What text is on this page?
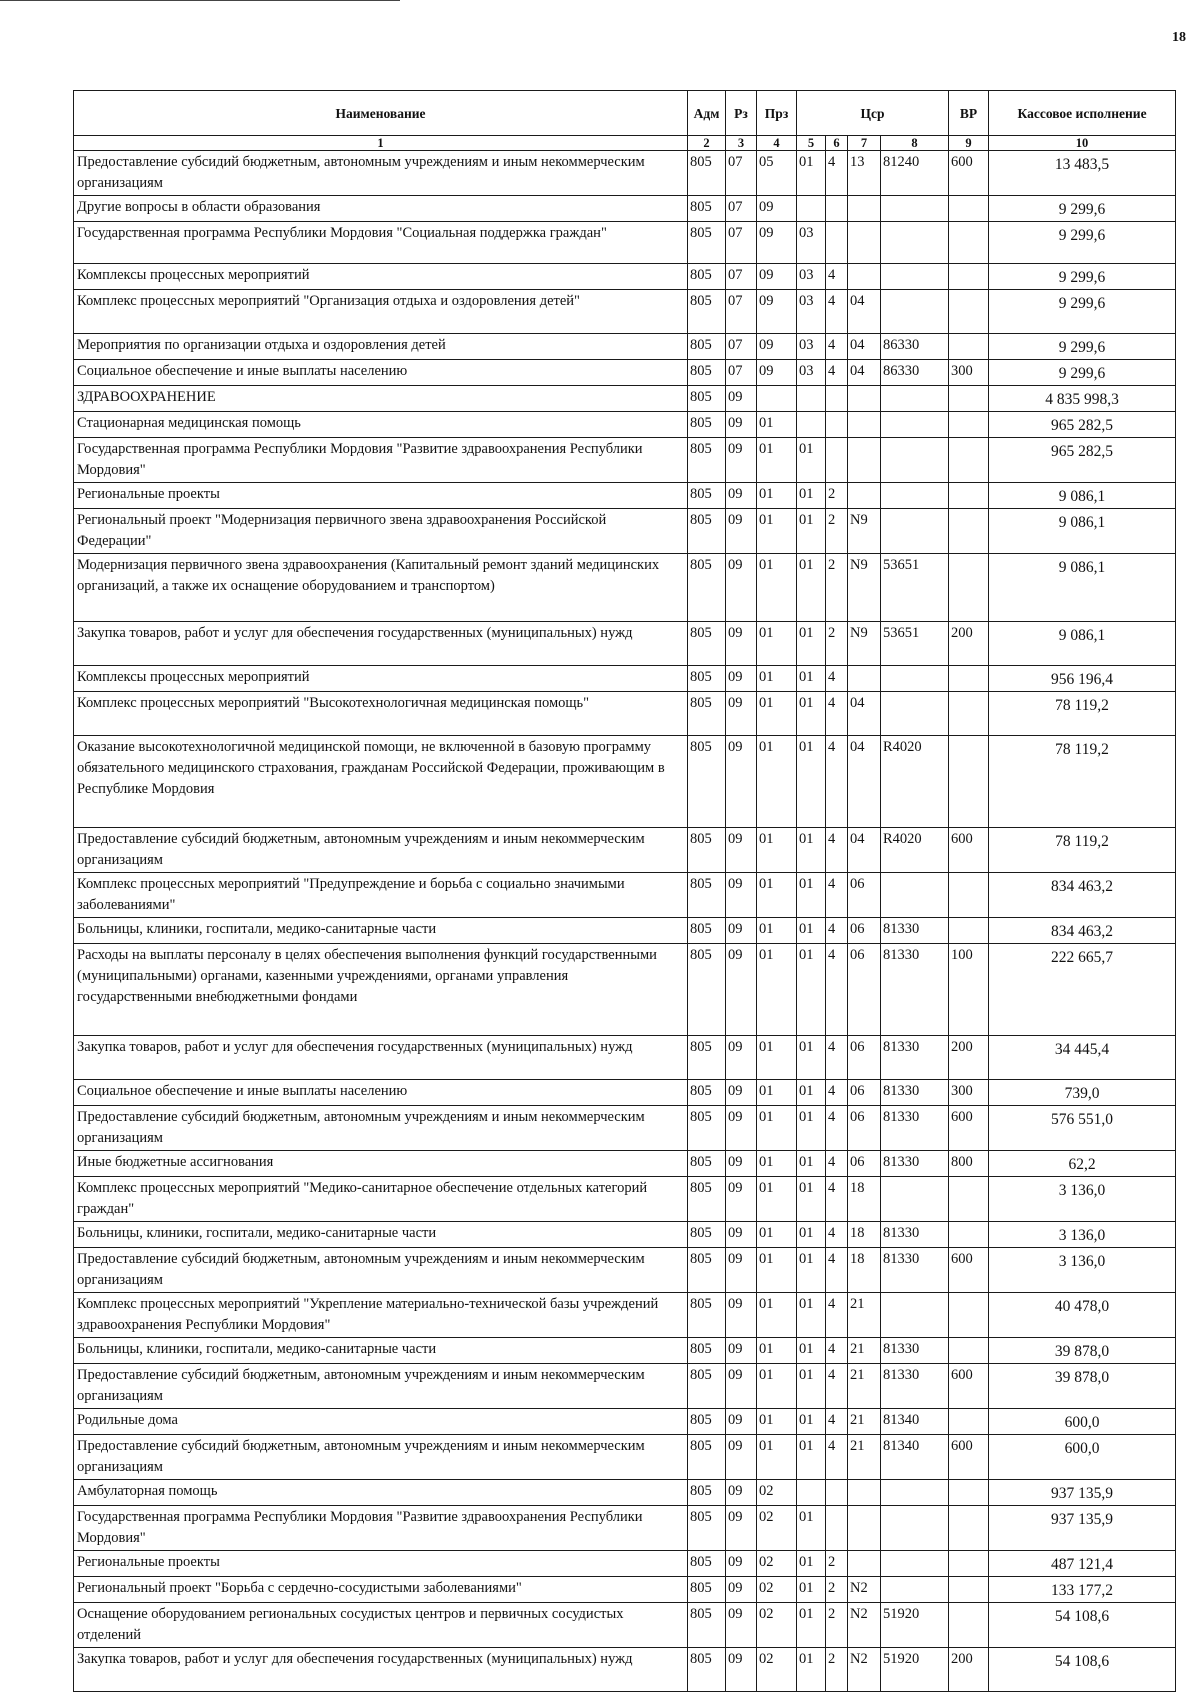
18
Наименование	Адм	Рз	Прз	Цср				ВР	Кассовое исполнение
1	2	3	4	5	6	7	8	9	10
Предоставление субсидий бюджетным, автономным учреждениям и иным некоммерческим организациям	805	07	05	01	4	13	81240	600	13 483,5
Другие вопросы в области образования	805	07	09						9 299,6
Государственная программа Республики Мордовия "Социальная поддержка граждан"	805	07	09	03					9 299,6
Комплексы процессных мероприятий	805	07	09	03	4				9 299,6
Комплекс процессных мероприятий "Организация отдыха и оздоровления детей"	805	07	09	03	4	04			9 299,6
Мероприятия по организации отдыха и оздоровления детей	805	07	09	03	4	04	86330		9 299,6
Социальное обеспечение и иные выплаты населению	805	07	09	03	4	04	86330	300	9 299,6
ЗДРАВООХРАНЕНИЕ	805	09							4 835 998,3
Стационарная медицинская помощь	805	09	01						965 282,5
Государственная программа Республики Мордовия "Развитие здравоохранения Республики Мордовия"	805	09	01	01					965 282,5
Региональные проекты	805	09	01	01	2				9 086,1
Региональный проект "Модернизация первичного звена здравоохранения Российской Федерации"	805	09	01	01	2	N9			9 086,1
Модернизация первичного звена здравоохранения (Капитальный ремонт зданий медицинских организаций, а также их оснащение оборудованием и транспортом)	805	09	01	01	2	N9	53651		9 086,1
Закупка товаров, работ и услуг для обеспечения государственных (муниципальных) нужд	805	09	01	01	2	N9	53651	200	9 086,1
Комплексы процессных мероприятий	805	09	01	01	4				956 196,4
Комплекс процессных мероприятий "Высокотехнологичная медицинская помощь"	805	09	01	01	4	04			78 119,2
Оказание высокотехнологичной медицинской помощи, не включенной в базовую программу обязательного медицинского страхования, гражданам Российской Федерации, проживающим в Республике Мордовия	805	09	01	01	4	04	R4020		78 119,2
Предоставление субсидий бюджетным, автономным учреждениям и иным некоммерческим организациям	805	09	01	01	4	04	R4020	600	78 119,2
Комплекс процессных мероприятий "Предупреждение и борьба с социально значимыми заболеваниями"	805	09	01	01	4	06			834 463,2
Больницы, клиники, госпитали, медико-санитарные части	805	09	01	01	4	06	81330		834 463,2
Расходы на выплаты персоналу в целях обеспечения выполнения функций государственными (муниципальными) органами, казенными учреждениями, органами управления государственными внебюджетными фондами	805	09	01	01	4	06	81330	100	222 665,7
Закупка товаров, работ и услуг для обеспечения государственных (муниципальных) нужд	805	09	01	01	4	06	81330	200	34 445,4
Социальное обеспечение и иные выплаты населению	805	09	01	01	4	06	81330	300	739,0
Предоставление субсидий бюджетным, автономным учреждениям и иным некоммерческим организациям	805	09	01	01	4	06	81330	600	576 551,0
Иные бюджетные ассигнования	805	09	01	01	4	06	81330	800	62,2
Комплекс процессных мероприятий "Медико-санитарное обеспечение отдельных категорий граждан"	805	09	01	01	4	18			3 136,0
Больницы, клиники, госпитали, медико-санитарные части	805	09	01	01	4	18	81330		3 136,0
Предоставление субсидий бюджетным, автономным учреждениям и иным некоммерческим организациям	805	09	01	01	4	18	81330	600	3 136,0
Комплекс процессных мероприятий "Укрепление материально-технической базы учреждений здравоохранения Республики Мордовия"	805	09	01	01	4	21			40 478,0
Больницы, клиники, госпитали, медико-санитарные части	805	09	01	01	4	21	81330		39 878,0
Предоставление субсидий бюджетным, автономным учреждениям и иным некоммерческим организациям	805	09	01	01	4	21	81330	600	39 878,0
Родильные дома	805	09	01	01	4	21	81340		600,0
Предоставление субсидий бюджетным, автономным учреждениям и иным некоммерческим организациям	805	09	01	01	4	21	81340	600	600,0
Амбулаторная помощь	805	09	02						937 135,9
Государственная программа Республики Мордовия "Развитие здравоохранения Республики Мордовия"	805	09	02	01					937 135,9
Региональные проекты	805	09	02	01	2				487 121,4
Региональный проект "Борьба с сердечно-сосудистыми заболеваниями"	805	09	02	01	2	N2			133 177,2
Оснащение оборудованием региональных сосудистых центров и первичных сосудистых отделений	805	09	02	01	2	N2	51920		54 108,6
Закупка товаров, работ и услуг для обеспечения государственных (муниципальных) нужд	805	09	02	01	2	N2	51920	200	54 108,6
